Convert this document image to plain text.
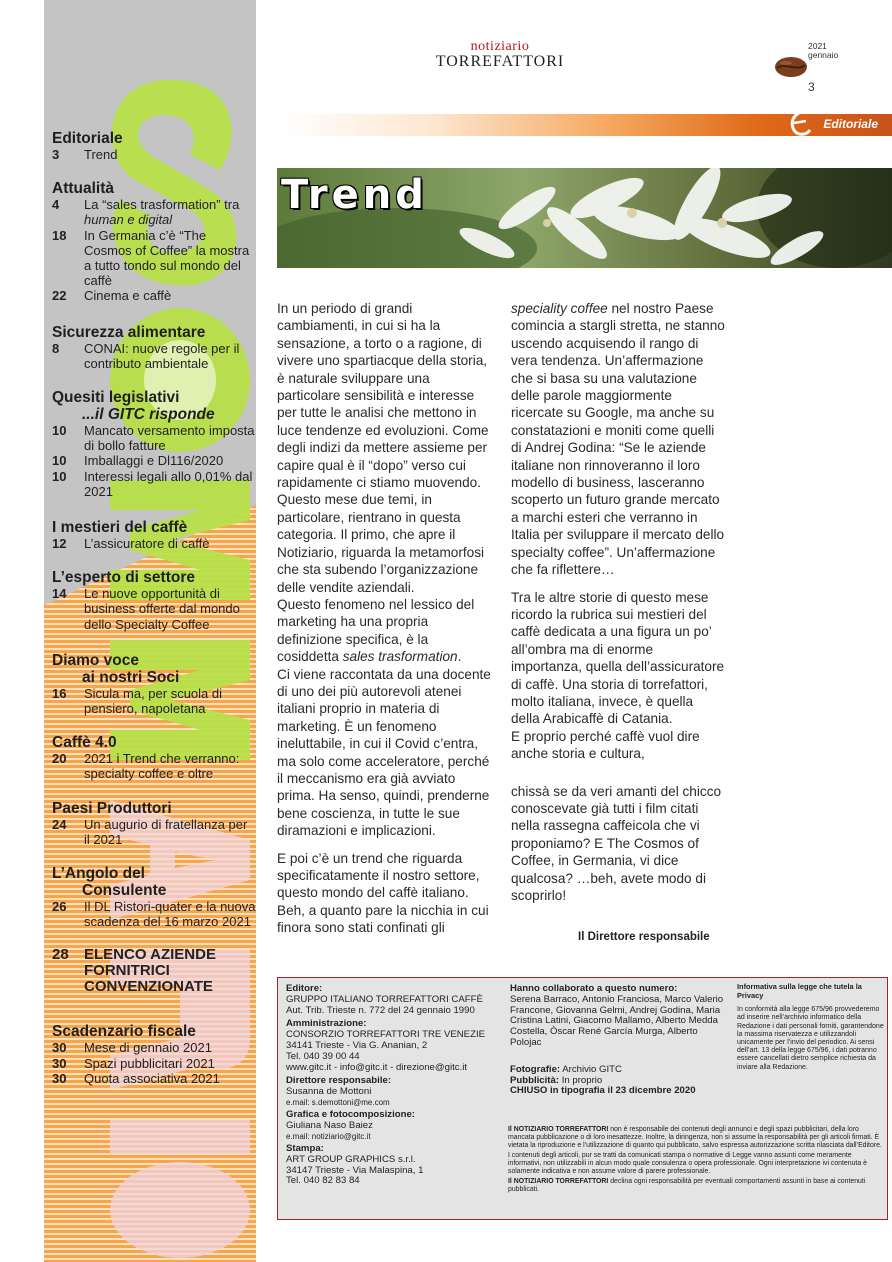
Editoriale
3	Trend
Attualità
4	La “sales trasformation” tra human e digital
18	In Germania c’è “The Cosmos of Coffee” la mostra a tutto tondo sul mondo del caffè
22	Cinema e caffè
Sicurezza alimentare
8	CONAI: nuove regole per il contributo ambientale
Quesiti legislativi
...il GITC risponde
10	Mancato versamento imposta di bollo fatture
10	Imballaggi e Dl116/2020
10	Interessi legali allo 0,01% dal 2021
I mestieri del caffè
12	L’assicuratore di caffè
L’esperto di settore
14	Le nuove opportunità di business offerte dal mondo dello Specialty Coffee
Diamo voce
ai nostri Soci
16	Sicula ma, per scuola di pensiero, napoletana
Caffè 4.0
20	2021 i Trend che verranno: specialty coffee e oltre
Paesi Produttori
24	Un augurio di fratellanza per il 2021
L’Angolo del
Consulente
26	Il DL Ristori-quater e la nuova scadenza del 16 marzo 2021
28	ELENCO AZIENDE FORNITRICI CONVENZIONATE
Scadenzario fiscale
30	Mese di gennaio 2021
30	Spazi pubblicitari 2021
30	Quota associativa 2021
notiziario
TORREFATTORI
2021
gennaio
3
Editoriale
Trend

In un periodo di grandi cambiamenti, in cui si ha la sensazione, a torto o a ragione, di vivere uno spartiacque della storia, è naturale sviluppare una particolare sensibilità e interesse per tutte le analisi che mettono in luce tendenze ed evoluzioni. Come degli indizi da mettere assieme per capire qual è il “dopo” verso cui rapidamente ci stiamo muovendo. Questo mese due temi, in particolare, rientrano in questa categoria. Il primo, che apre il Notiziario, riguarda la metamorfosi che sta subendo l’organizzazione delle vendite aziendali.

Questo fenomeno nel lessico del marketing ha una propria definizione specifica, è la cosiddetta sales trasformation.

Ci viene raccontata da una docente di uno dei più autorevoli atenei italiani proprio in materia di marketing. È un fenomeno ineluttabile, in cui il Covid c’entra, ma solo come acceleratore, perché il meccanismo era già avviato prima. Ha senso, quindi, prenderne bene coscienza, in tutte le sue diramazioni e implicazioni.

E poi c’è un trend che riguarda specificatamente il nostro settore, questo mondo del caffè italiano. Beh, a quanto pare la nicchia in cui finora sono stati confinati gli

speciality coffee nel nostro Paese comincia a stargli stretta, ne stanno uscendo acquisendo il rango di vera tendenza. Un’affermazione che si basa su una valutazione delle parole maggiormente ricercate su Google, ma anche su constatazioni e moniti come quelli di Andrej Godina: “Se le aziende italiane non rinnoveranno il loro modello di business, lasceranno scoperto un futuro grande mercato a marchi esteri che verranno in Italia per sviluppare il mercato dello specialty coffee”. Un’affermazione che fa riflettere…

Tra le altre storie di questo mese ricordo la rubrica sui mestieri del caffè dedicata a una figura un po’ all’ombra ma di enorme importanza, quella dell’assicuratore di caffè. Una storia di torrefattori, molto italiana, invece, è quella della Arabicaffè di Catania.

E proprio perché caffè vuol dire anche storia e cultura,

chissà se da veri amanti del chicco conoscevate già tutti i film citati nella rassegna caffeicola che vi proponiamo? E The Cosmos of Coffee, in Germania, vi dice qualcosa? …beh, avete modo di scoprirlo!

Il Direttore responsabile
Editore:
GRUPPO ITALIANO TORREFATTORI CAFFÈ
Aut. Trib. Trieste n. 772 del 24 gennaio 1990
Amministrazione:
CONSORZIO TORREFATTORI TRE VENEZIE
34141 Trieste - Via G. Ananian, 2
Tel. 040 39 00 44
www.gitc.it - info@gitc.it - direzione@gitc.it
Direttore responsabile:
Susanna de Mottoni
e.mail: s.demottoni@me.com
Grafica e fotocomposizione:
Giuliana Naso Baiez
e.mail: notiziario@gitc.it
Stampa:
ART GROUP GRAPHICS s.r.l.
34147 Trieste - Via Malaspina, 1
Tel. 040 82 83 84
Hanno collaborato a questo numero:
Serena Barraco, Antonio Franciosa, Marco Valerio Francone, Giovanna Gelmi, Andrej Godina, Maria Cristina Latini, Giacomo Mallamo, Alberto Medda Costella, Òscar René García Murga, Alberto Polojac
Fotografie: Archivio GITC
Pubblicità: In proprio
CHIUSO in tipografia il 23 dicembre 2020

Il NOTIZIARIO TORREFATTORI non è responsabile dei contenuti degli annunci e degli spazi pubblicitari, della loro mancata pubblicazione o di loro inesattezze. Inoltre, la diringenza, non si assume la responsabilità per gli articoli firmati. È vietata la riproduzione e l’utilizzazione di quanto qui pubblicato, salvo espressa autorizzazione scritta rilasciata dall’Editore.

I contenuti degli articoli, pur se tratti da comunicati stampa o normative di Legge vanno assunti come meramente informativi, non utilizzabili in alcun modo quale consulenza o opera professionale. Ogni interpretazione ivi contenuta è solamente indicativa e non assume valore di parere professionale.

Il NOTIZIARIO TORREFATTORI declina ogni responsabilità per eventuali comportamenti assunti in base ai contenuti pubblicati.

Informativa sulla legge che tutela la Privacy
In conformità alla legge 675/96 provvederemo ad inserire nell’archivio informatico della Redazione i dati personali forniti, garantendone la massima riservatezza e utilizzandoli unicamente per l’invio del periodico. Ai sensi dell’art. 13 della legge 675/96, i dati potranno essere cancellati dietro semplice richiesta da inviare alla Redazione.
